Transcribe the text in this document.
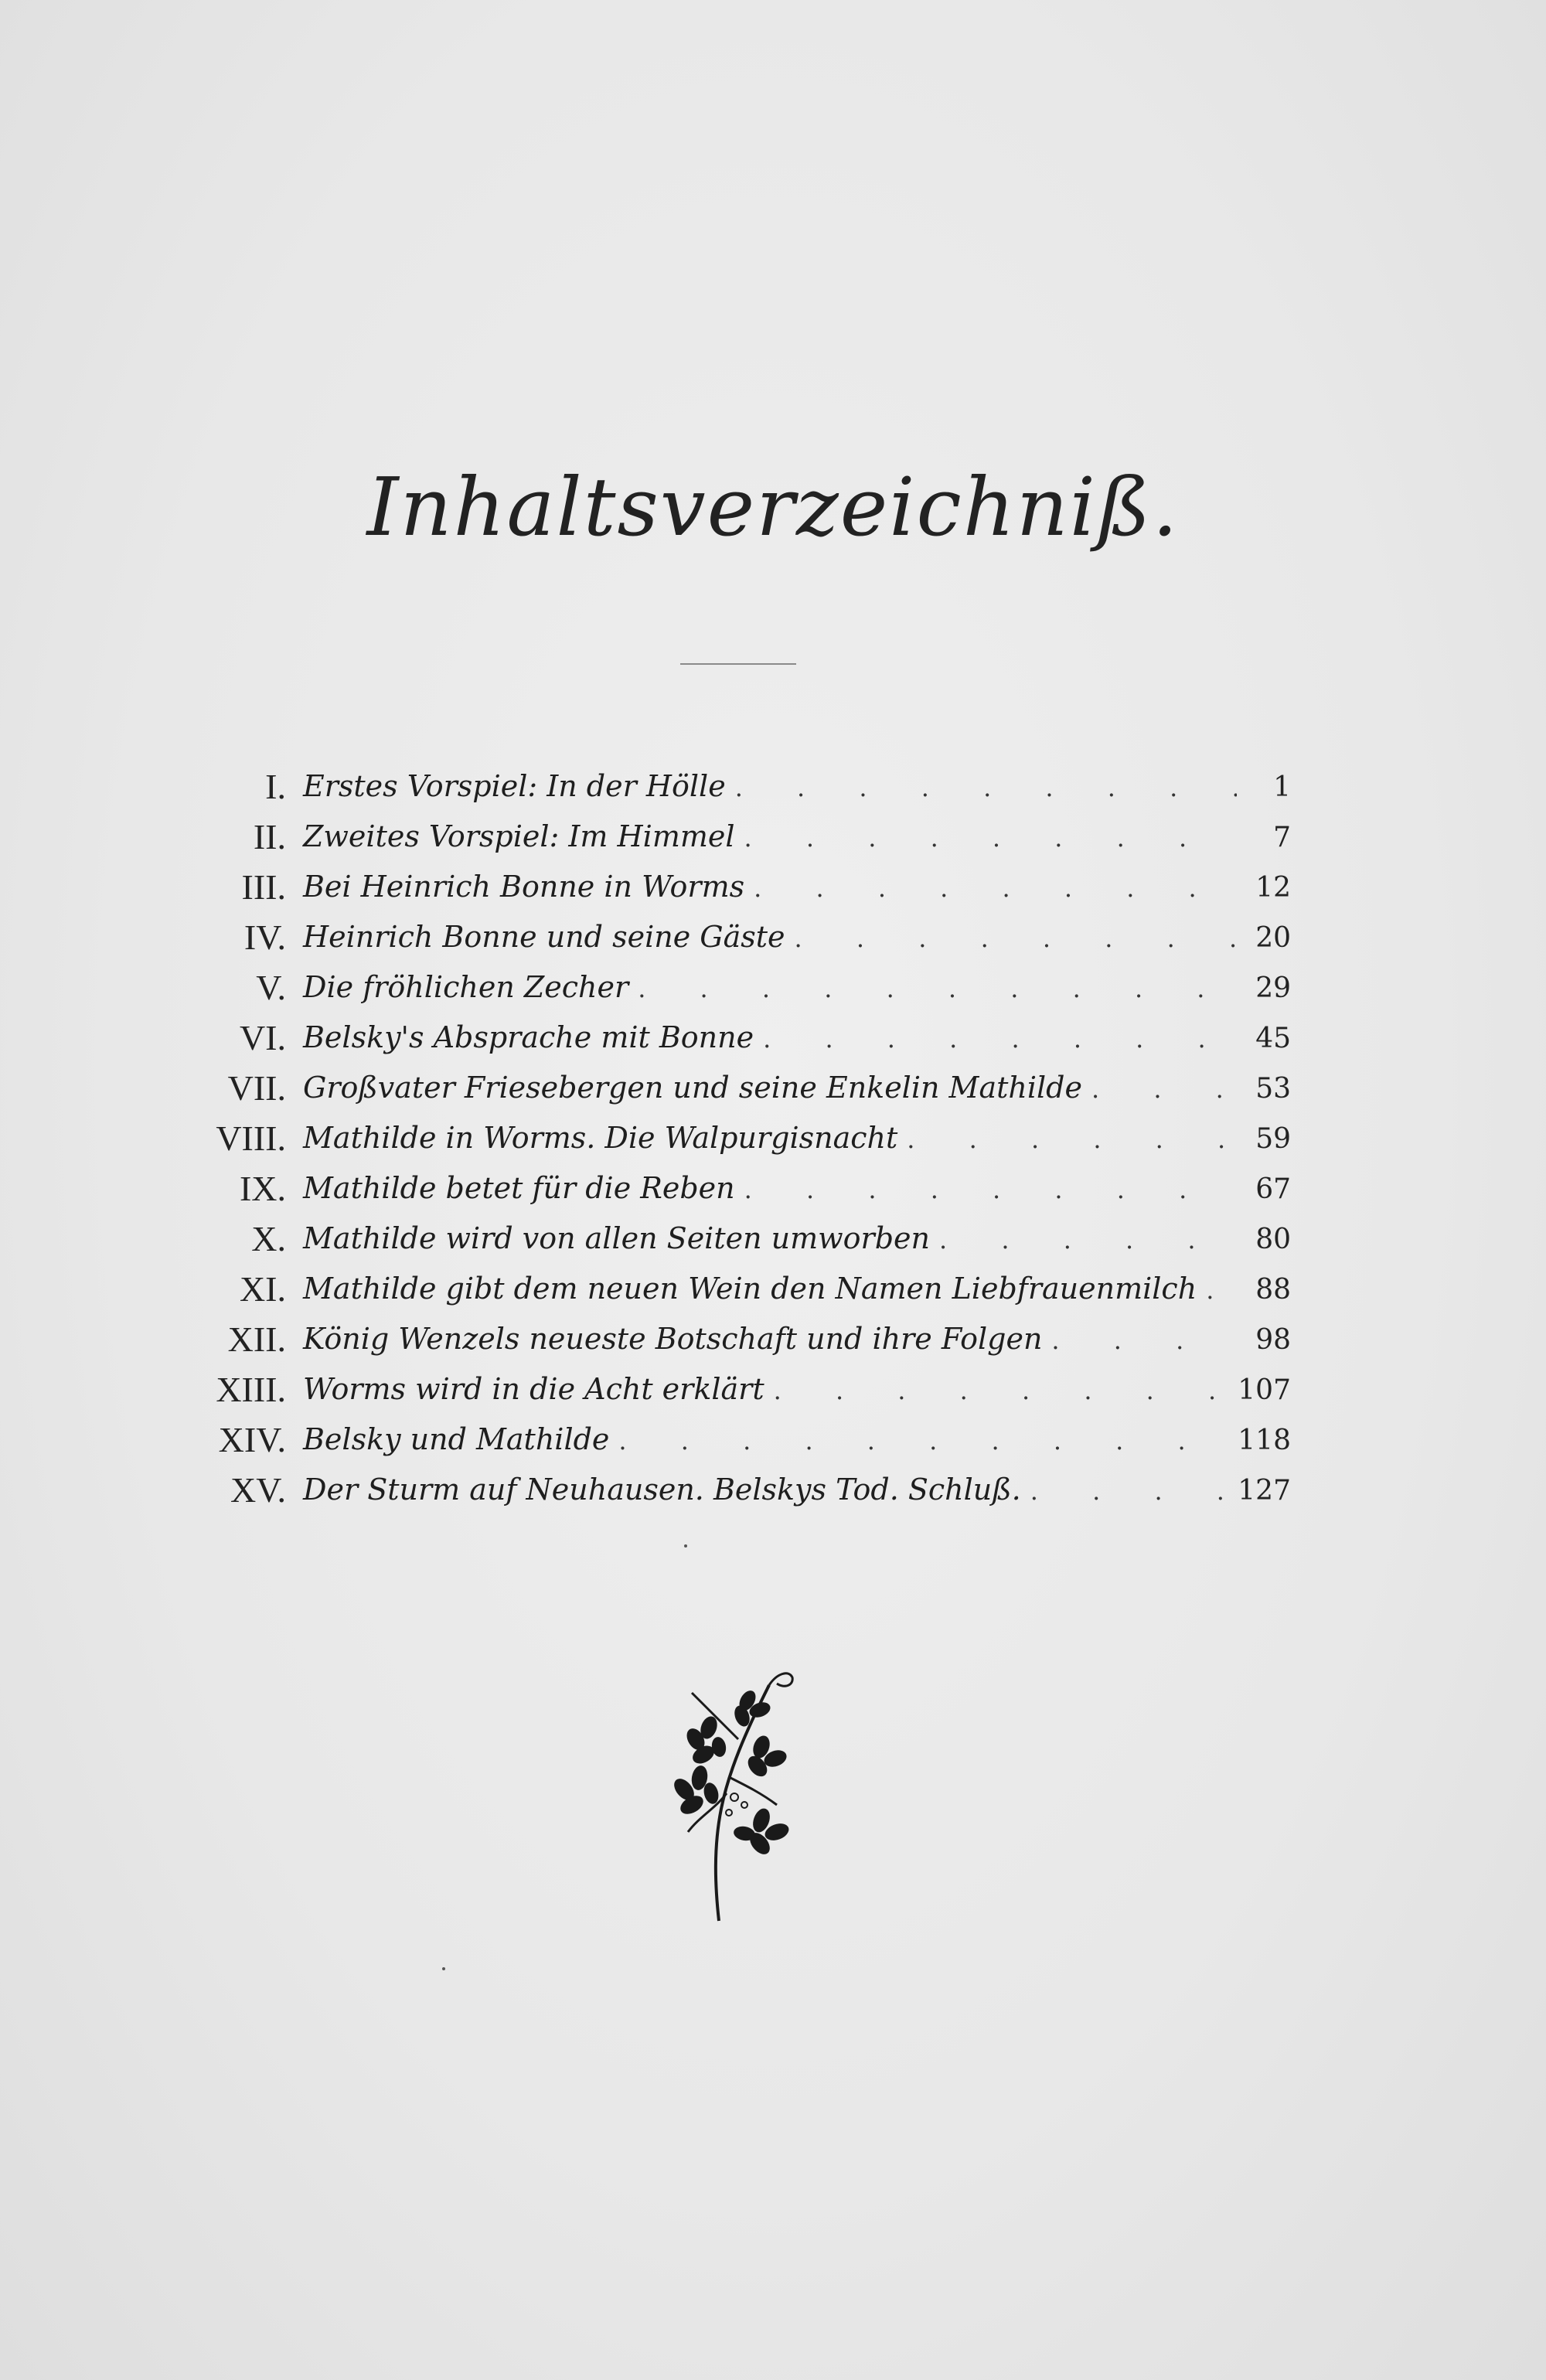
Inhaltsverzeichniß.
I. Erstes Vorspiel: In der Hölle . . .	1
II. Zweites Vorspiel: Im Himmel . . .	7
III. Bei Heinrich Bonne in Worms . . .	12
IV. Heinrich Bonne und seine Gäste . . .	20
V. Die fröhlichen Zecher . . .	29
VI. Belsky's Absprache mit Bonne . . .	45
VII. Großvater Friesebergen und seine Enkelin Mathilde . . .	53
VIII. Mathilde in Worms. Die Walpurgisnacht . . .	59
IX. Mathilde betet für die Reben . . .	67
X. Mathilde wird von allen Seiten umworben . . .	80
XI. Mathilde gibt dem neuen Wein den Namen Liebfrauenmilch . . .	88
XII. König Wenzels neueste Botschaft und ihre Folgen . . .	98
XIII. Worms wird in die Acht erklärt . . .	107
XIV. Belsky und Mathilde . . .	118
XV. Der Sturm auf Neuhausen. Belskys Tod. Schluß. . . .	127
